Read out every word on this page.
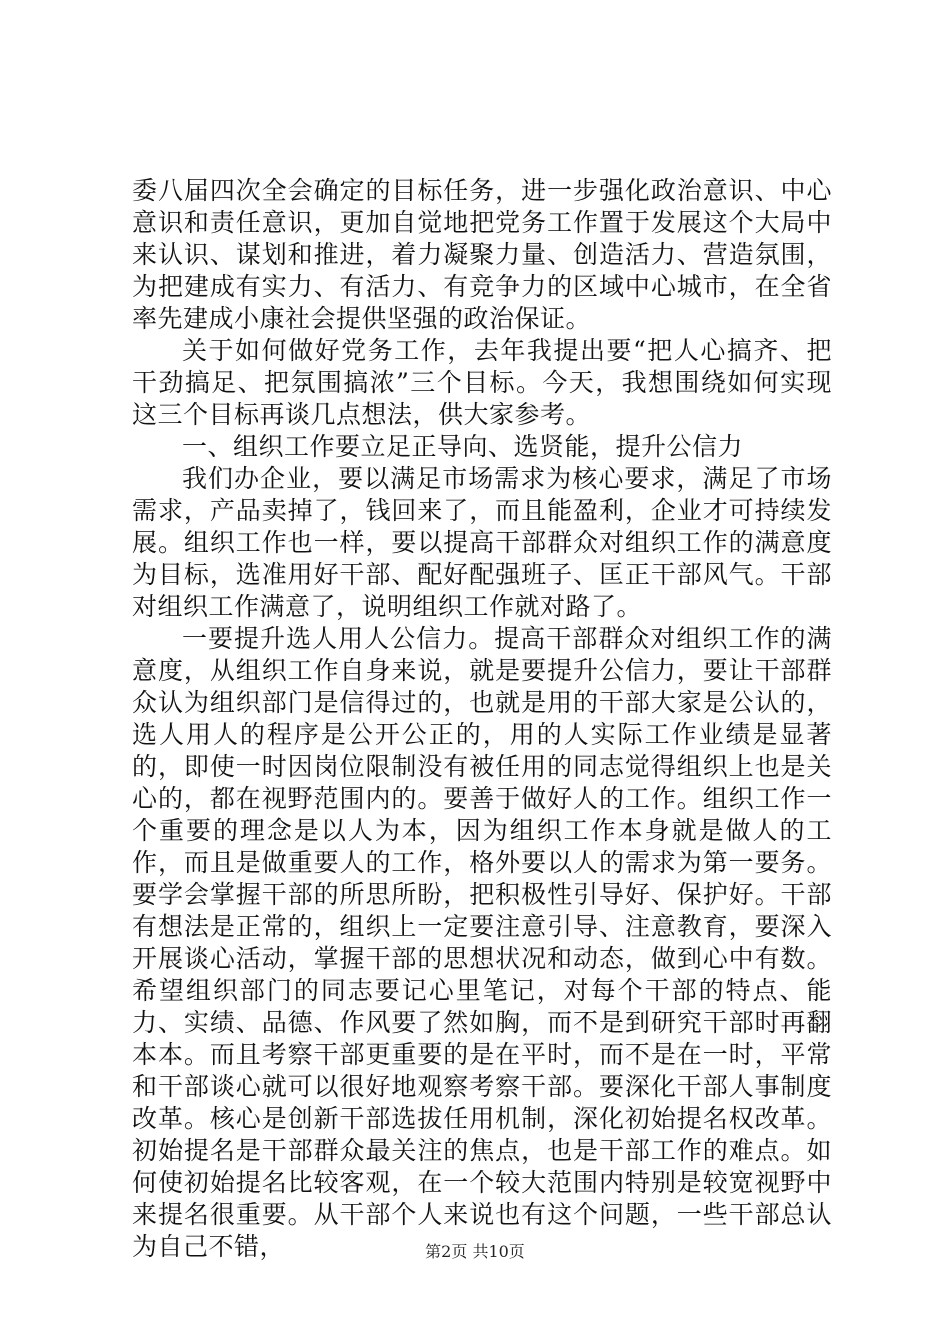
委八届四次全会确定的目标任务，进一步强化政治意识、中心意识和责任意识，更加自觉地把党务工作置于发展这个大局中来认识、谋划和推进，着力凝聚力量、创造活力、营造氛围，为把建成有实力、有活力、有竞争力的区域中心城市，在全省率先建成小康社会提供坚强的政治保证。

关于如何做好党务工作，去年我提出要“把人心搞齐、把干劲搞足、把氛围搞浓”三个目标。今天，我想围绕如何实现这三个目标再谈几点想法，供大家参考。

一、组织工作要立足正导向、选贤能，提升公信力

我们办企业，要以满足市场需求为核心要求，满足了市场需求，产品卖掉了，钱回来了，而且能盈利，企业才可持续发展。组织工作也一样，要以提高干部群众对组织工作的满意度为目标，选准用好干部、配好配强班子、匡正干部风气。干部对组织工作满意了，说明组织工作就对路了。

一要提升选人用人公信力。提高干部群众对组织工作的满意度，从组织工作自身来说，就是要提升公信力，要让干部群众认为组织部门是信得过的，也就是用的干部大家是公认的，选人用人的程序是公开公正的，用的人实际工作业绩是显著的，即使一时因岗位限制没有被任用的同志觉得组织上也是关心的，都在视野范围内的。要善于做好人的工作。组织工作一个重要的理念是以人为本，因为组织工作本身就是做人的工作，而且是做重要人的工作，格外要以人的需求为第一要务。要学会掌握干部的所思所盼，把积极性引导好、保护好。干部有想法是正常的，组织上一定要注意引导、注意教育，要深入开展谈心活动，掌握干部的思想状况和动态，做到心中有数。希望组织部门的同志要记心里笔记，对每个干部的特点、能力、实绩、品德、作风要了然如胸，而不是到研究干部时再翻本本。而且考察干部更重要的是在平时，而不是在一时，平常和干部谈心就可以很好地观察考察干部。要深化干部人事制度改革。核心是创新干部选拔任用机制，深化初始提名权改革。初始提名是干部群众最关注的焦点，也是干部工作的难点。如何使初始提名比较客观，在一个较大范围内特别是较宽视野中来提名很重要。从干部个人来说也有这个问题，一些干部总认为自己不错，	第2页 共10页
